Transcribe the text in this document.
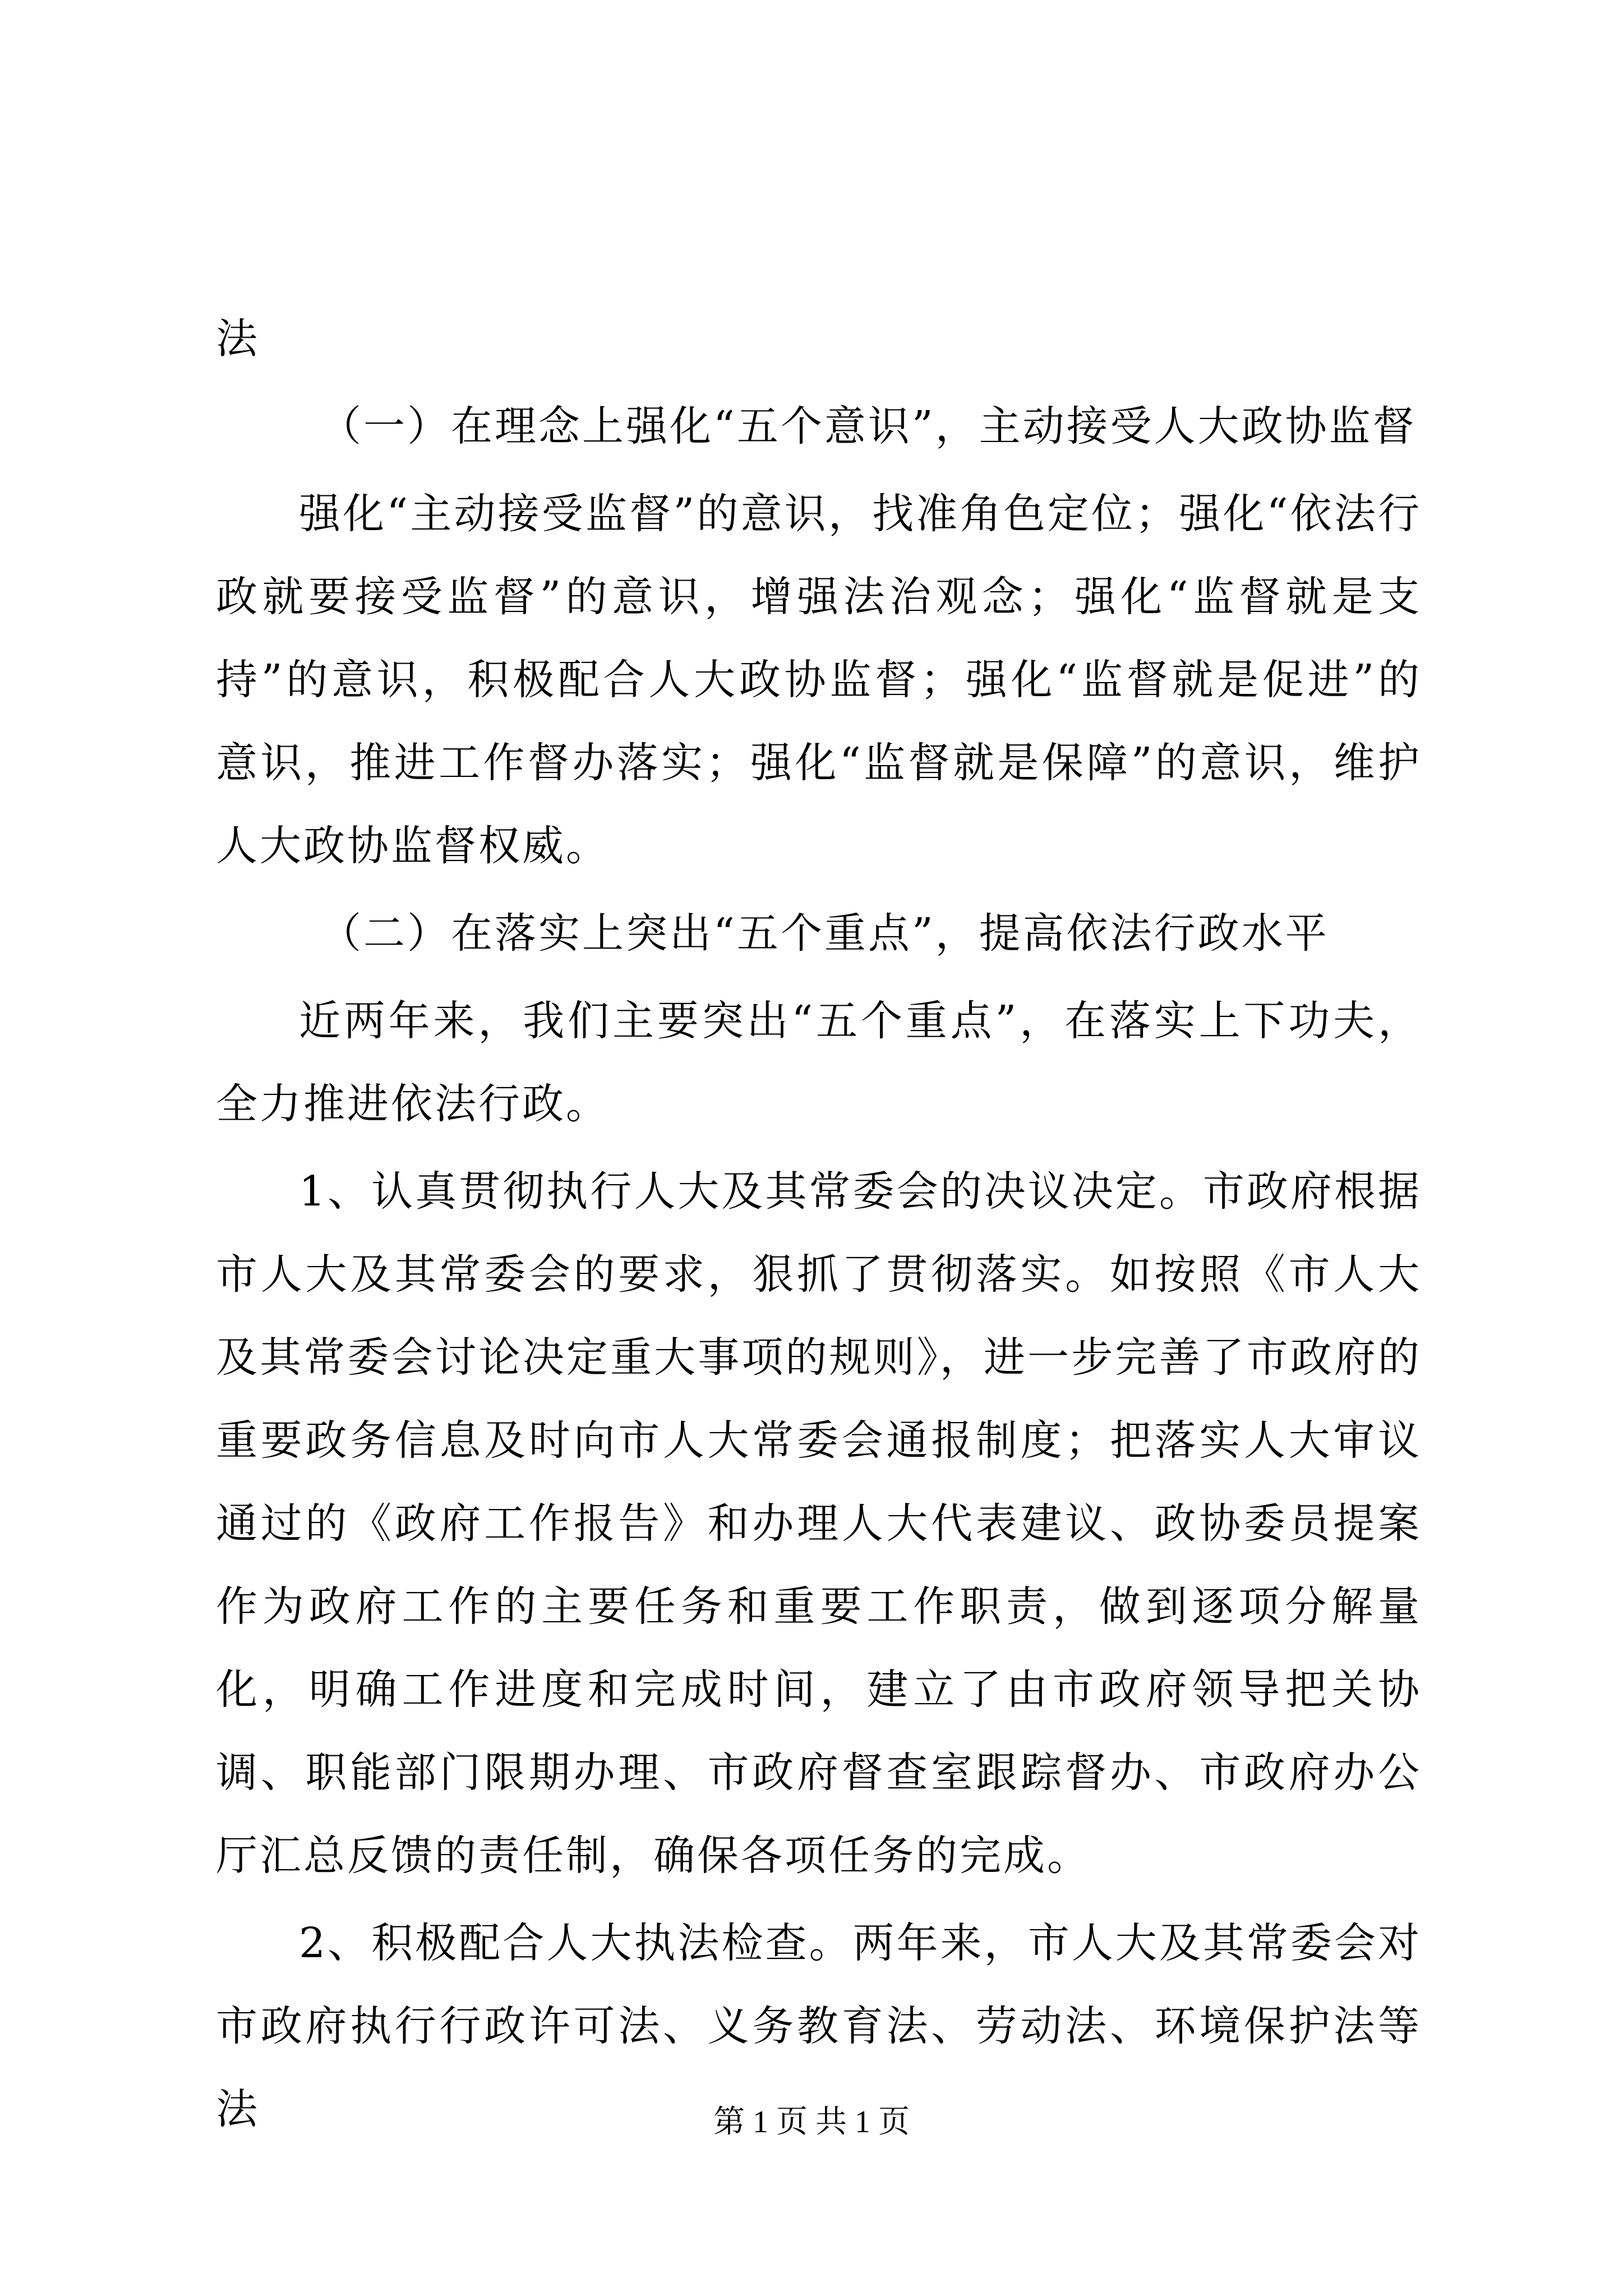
法

（一）在理念上强化“五个意识”，主动接受人大政协监督

强化“主动接受监督”的意识，找准角色定位；强化“依法行政就要接受监督”的意识，增强法治观念；强化“监督就是支持”的意识，积极配合人大政协监督；强化“监督就是促进”的意识，推进工作督办落实；强化“监督就是保障”的意识，维护人大政协监督权威。

（二）在落实上突出“五个重点”，提高依法行政水平

近两年来，我们主要突出“五个重点”，在落实上下功夫，全力推进依法行政。

1、认真贯彻执行人大及其常委会的决议决定。市政府根据市人大及其常委会的要求，狠抓了贯彻落实。如按照《市人大及其常委会讨论决定重大事项的规则》，进一步完善了市政府的重要政务信息及时向市人大常委会通报制度；把落实人大审议通过的《政府工作报告》和办理人大代表建议、政协委员提案作为政府工作的主要任务和重要工作职责，做到逐项分解量化，明确工作进度和完成时间，建立了由市政府领导把关协调、职能部门限期办理、市政府督查室跟踪督办、市政府办公厅汇总反馈的责任制，确保各项任务的完成。

2、积极配合人大执法检查。两年来，市人大及其常委会对市政府执行行政许可法、义务教育法、劳动法、环境保护法等法	第 1 页 共 1 页
